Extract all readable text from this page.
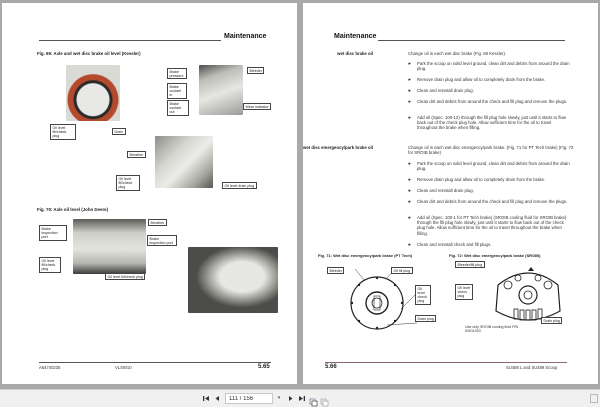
Maintenance
Fig. 69: Axle and wet disc brake oil level (Kessler)
Oil level fill/check plug
Drain
Brake pressure
Brake coolant in
Brake coolant out
Bleeder
Wear indicator
Breather
Oil level fill/check plug	Oil level drain plug
Fig. 70: Axle oil level (John Deere)
Breather
Brake inspection port	Brake inspection port
Oil level fill/check plug
Oil level fill/check plug
A64740235	VLSW10	5.65
Maintenance
wet disc brake oil	Change oil in each wet disc brake (Fig. 69 Kessler).
☛ Park the scoop on solid level ground, clean dirt and debris from around the drain plug.
☛ Remove drain plug and allow oil to completely drain from the brake.
☛ Clean and reinstall drain plug.
☛ Clean dirt and debris from around the check and fill plug and remove the plugs.
☛ Add oil (Spec. 100-12) through the fill plug hole slowly, just until it starts to flow back out of the check plug hole. Allow sufficient time for the oil to travel throughout the brake when filling.
wet disc emergency/park brake oil	Change oil in each wet disc emergency/park brake. (Fig. 71 for PT Tech brake) (Fig. 72 for SROIB brake)
☛ Park the scoop on solid level ground, clean dirt and debris from around the drain plug.
☛ Remove drain plug and allow oil to completely drain from the brake.
☛ Clean and reinstall drain plug.
☛ Clean dirt and debris from around the check and fill plug and remove the plugs.
☛ Add oil (Spec. 100-1 for PT Tech brake) (SROIB cooling fluid for SROIB brake) through the fill plug hole slowly, just until it starts to flow back out of the check plug hole. Allow sufficient time for the oil to travel throughout the brake when filling.
☛ Clean and reinstall check and fill plugs.
Fig. 71: Wet disc emergency/park brake (PT Tech)
Bleeder	Oil fill plug
Oil level check plug
Drain plug
Fig. 72: Wet disc emergency/park brake (SROIB)
Bleeder/fill plug
Oil level check plug
Drain plug
Use only SROIB cooling fluid P/N 63011003
5.66	SU488 L and SU489 Scoop
111 / 156
▾
